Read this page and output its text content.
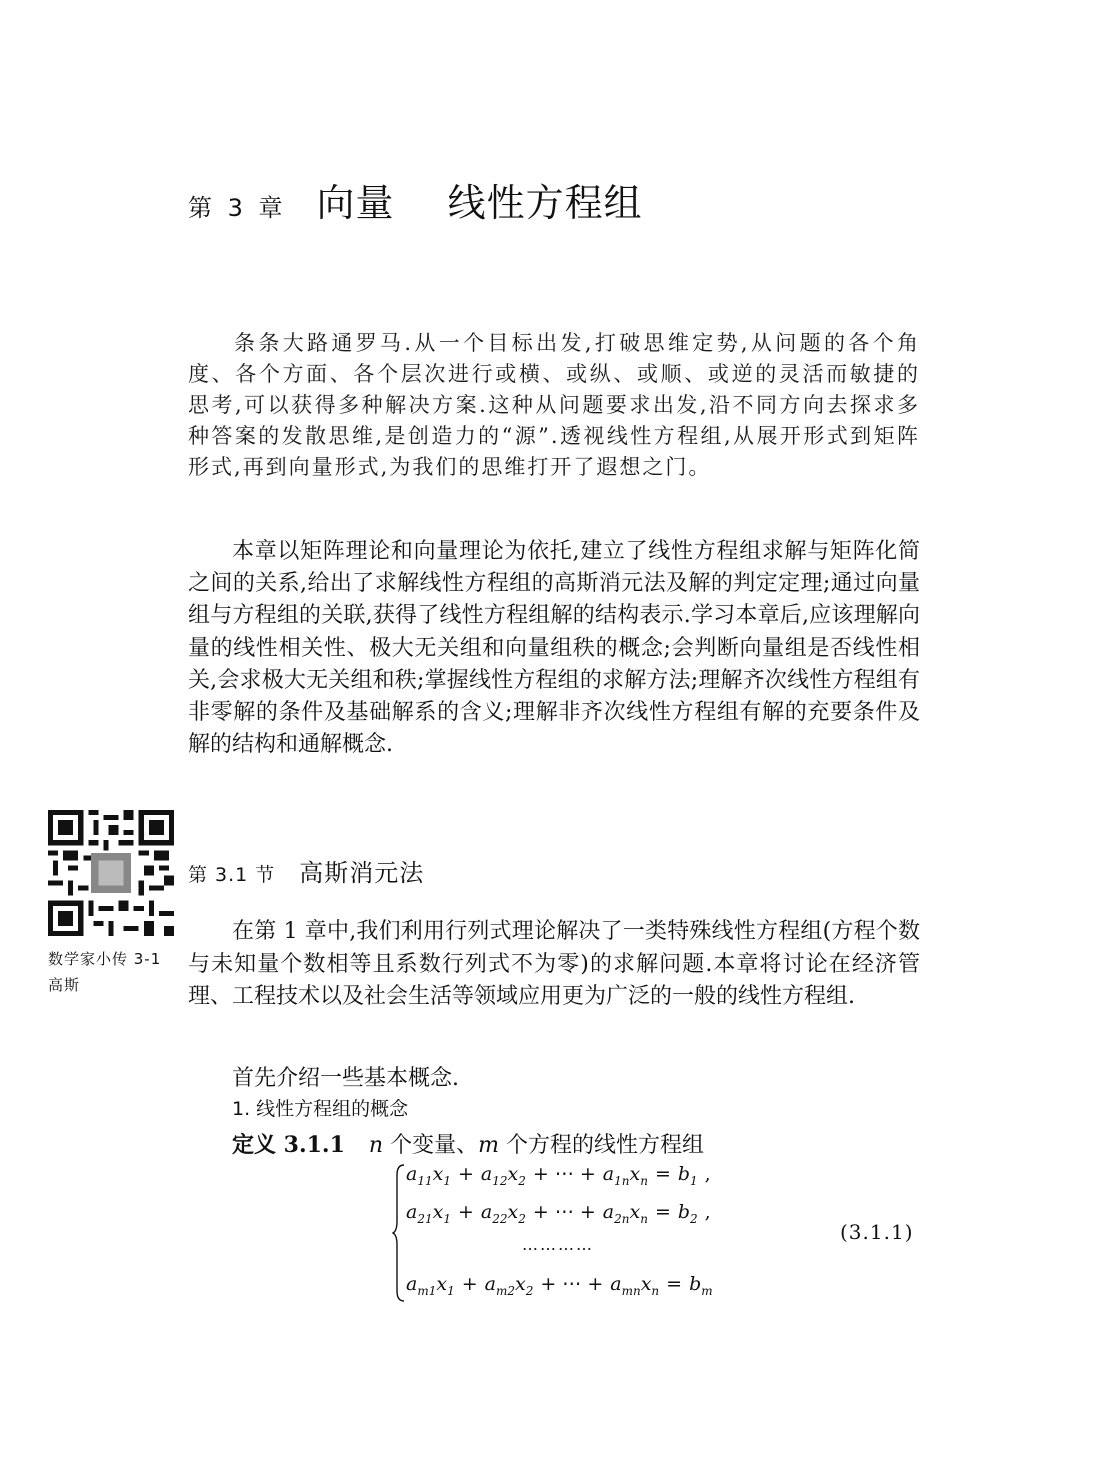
第 3 章 向量 线性方程组
条条大路通罗马.从一个目标出发,打破思维定势,从问题的各个角度、各个方面、各个层次进行或横、或纵、或顺、或逆的灵活而敏捷的思考,可以获得多种解决方案.这种从问题要求出发,沿不同方向去探求多种答案的发散思维,是创造力的“源”.透视线性方程组,从展开形式到矩阵形式,再到向量形式,为我们的思维打开了遐想之门。
本章以矩阵理论和向量理论为依托,建立了线性方程组求解与矩阵化简之间的关系,给出了求解线性方程组的高斯消元法及解的判定定理;通过向量组与方程组的关联,获得了线性方程组解的结构表示.学习本章后,应该理解向量的线性相关性、极大无关组和向量组秩的概念;会判断向量组是否线性相关,会求极大无关组和秩;掌握线性方程组的求解方法;理解齐次线性方程组有非零解的条件及基础解系的含义;理解非齐次线性方程组有解的充要条件及解的结构和通解概念.
数学家小传 3-1
高斯
第 3.1 节 高斯消元法
在第 1 章中,我们利用行列式理论解决了一类特殊线性方程组(方程个数与未知量个数相等且系数行列式不为零)的求解问题.本章将讨论在经济管理、工程技术以及社会生活等领域应用更为广泛的一般的线性方程组.
首先介绍一些基本概念.
1. 线性方程组的概念
定义 3.1.1 n 个变量、m 个方程的线性方程组
$a_{11}x_1 + a_{12}x_2$ + ⋯ + $a_{1n}x_n = b_1$ ,
$a_{21}x_1 + a_{22}x_2$ + ⋯ + $a_{2n}x_n = b_2$ ,
…………
$a_{m1}x_1 + a_{m2}x_2$ + ⋯ + $a_{mn}x_n = b_m$
(3.1.1)
